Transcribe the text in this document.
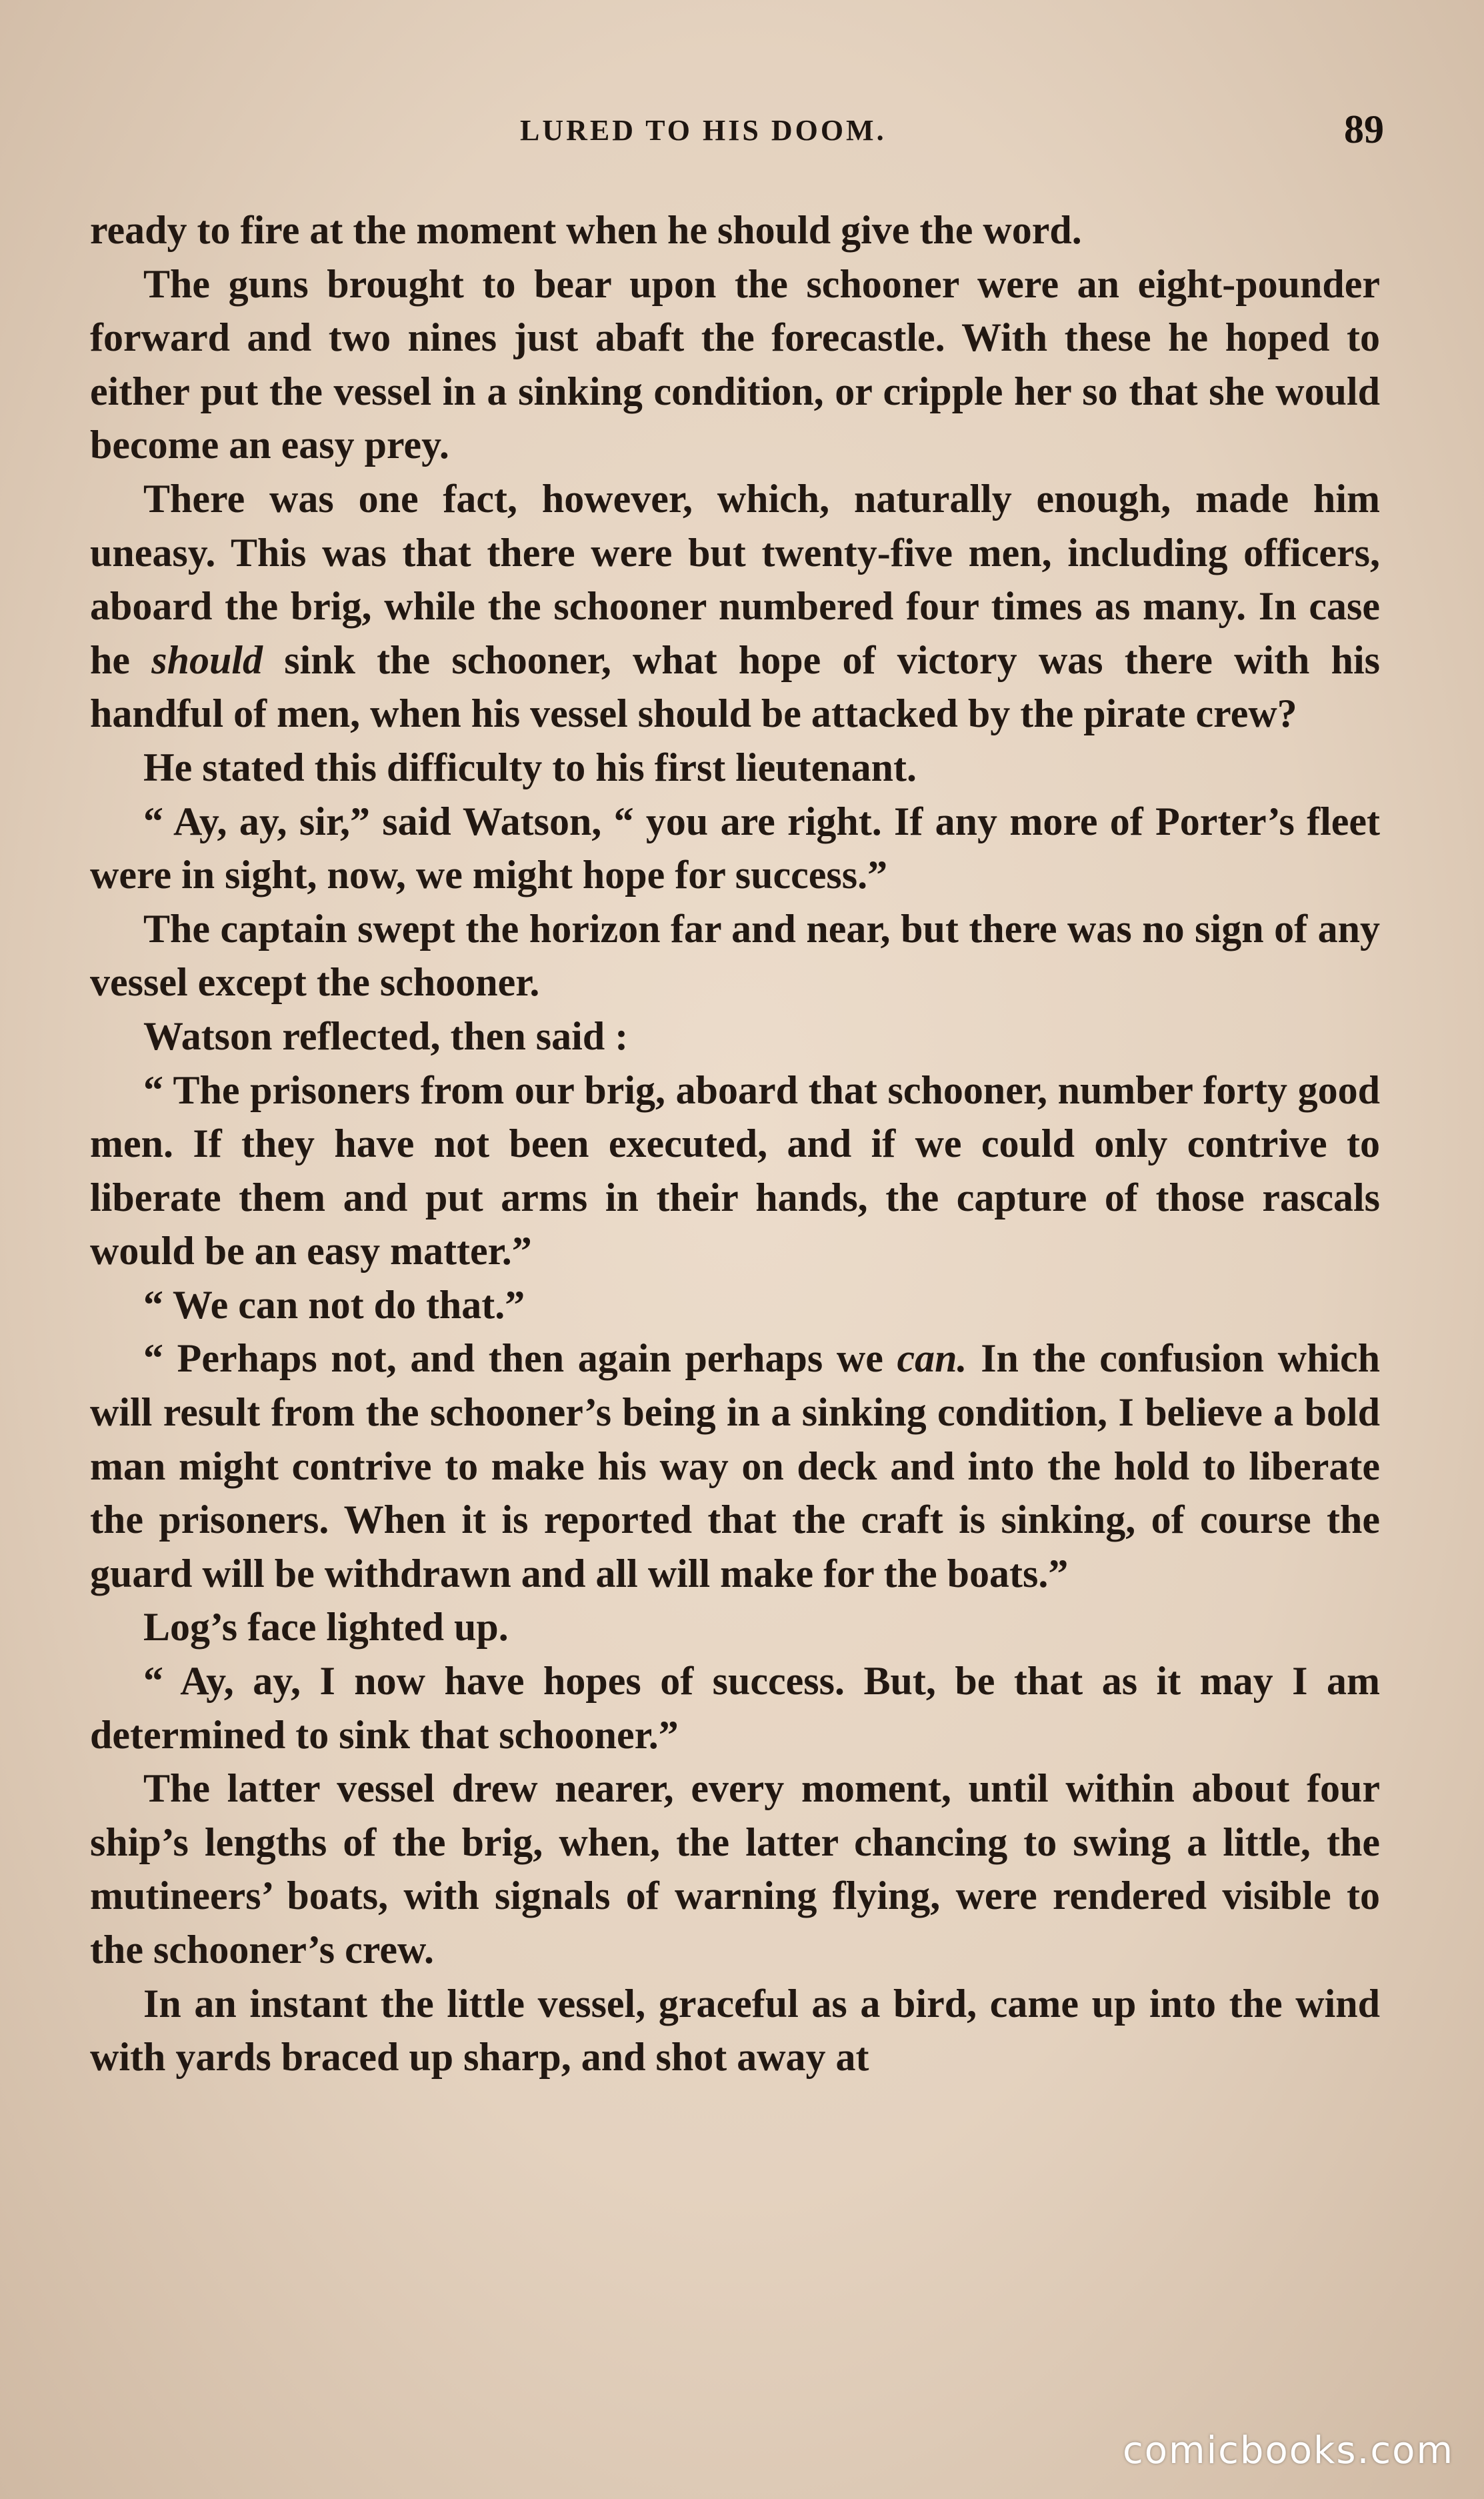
LURED TO HIS DOOM.	89

ready to fire at the moment when he should give the word.

The guns brought to bear upon the schooner were an eight-pounder forward and two nines just abaft the forecastle. With these he hoped to either put the vessel in a sinking condition, or cripple her so that she would become an easy prey.

There was one fact, however, which, naturally enough, made him uneasy. This was that there were but twenty-five men, including officers, aboard the brig, while the schooner numbered four times as many. In case he should sink the schooner, what hope of victory was there with his handful of men, when his vessel should be attacked by the pirate crew?

He stated this difficulty to his first lieutenant.

“ Ay, ay, sir,” said Watson, “ you are right. If any more of Porter’s fleet were in sight, now, we might hope for success.”

The captain swept the horizon far and near, but there was no sign of any vessel except the schooner.

Watson reflected, then said :

“ The prisoners from our brig, aboard that schooner, number forty good men. If they have not been executed, and if we could only contrive to liberate them and put arms in their hands, the capture of those rascals would be an easy matter.”

“ We can not do that.”

“ Perhaps not, and then again perhaps we can. In the confusion which will result from the schooner’s being in a sinking condition, I believe a bold man might contrive to make his way on deck and into the hold to liberate the prisoners. When it is reported that the craft is sinking, of course the guard will be withdrawn and all will make for the boats.”

Log’s face lighted up.

“ Ay, ay, I now have hopes of success. But, be that as it may I am determined to sink that schooner.”

The latter vessel drew nearer, every moment, until within about four ship’s lengths of the brig, when, the latter chancing to swing a little, the mutineers’ boats, with signals of warning flying, were rendered visible to the schooner’s crew.

In an instant the little vessel, graceful as a bird, came up into the wind with yards braced up sharp, and shot away at

comicbooks.com
